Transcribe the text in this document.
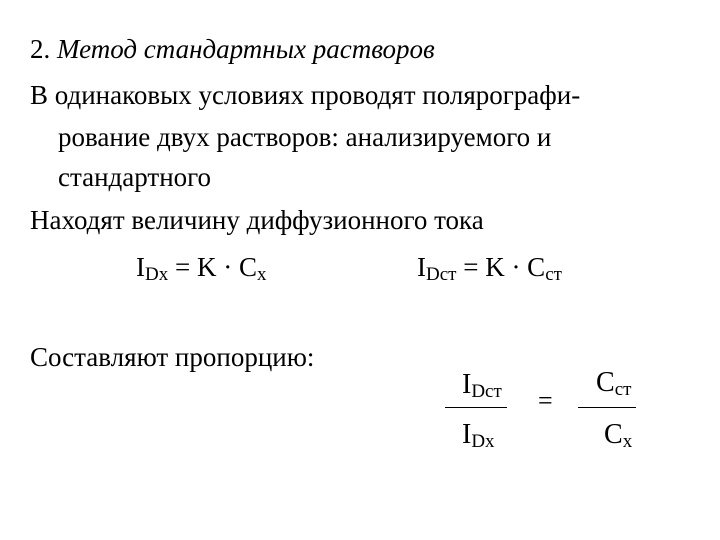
2. Метод стандартных растворов
В одинаковых условиях проводят полярографи-
рование двух растворов: анализируемого и
стандартного
Находят величину диффузионного тока
$I_{Dx} = K \cdot C_x$	$I_{Dст} = K \cdot C_{ст}$
Составляют пропорцию:
$I_{Dст}$
$I_{Dx}$
=
$C_{ст}$
$C_x$
